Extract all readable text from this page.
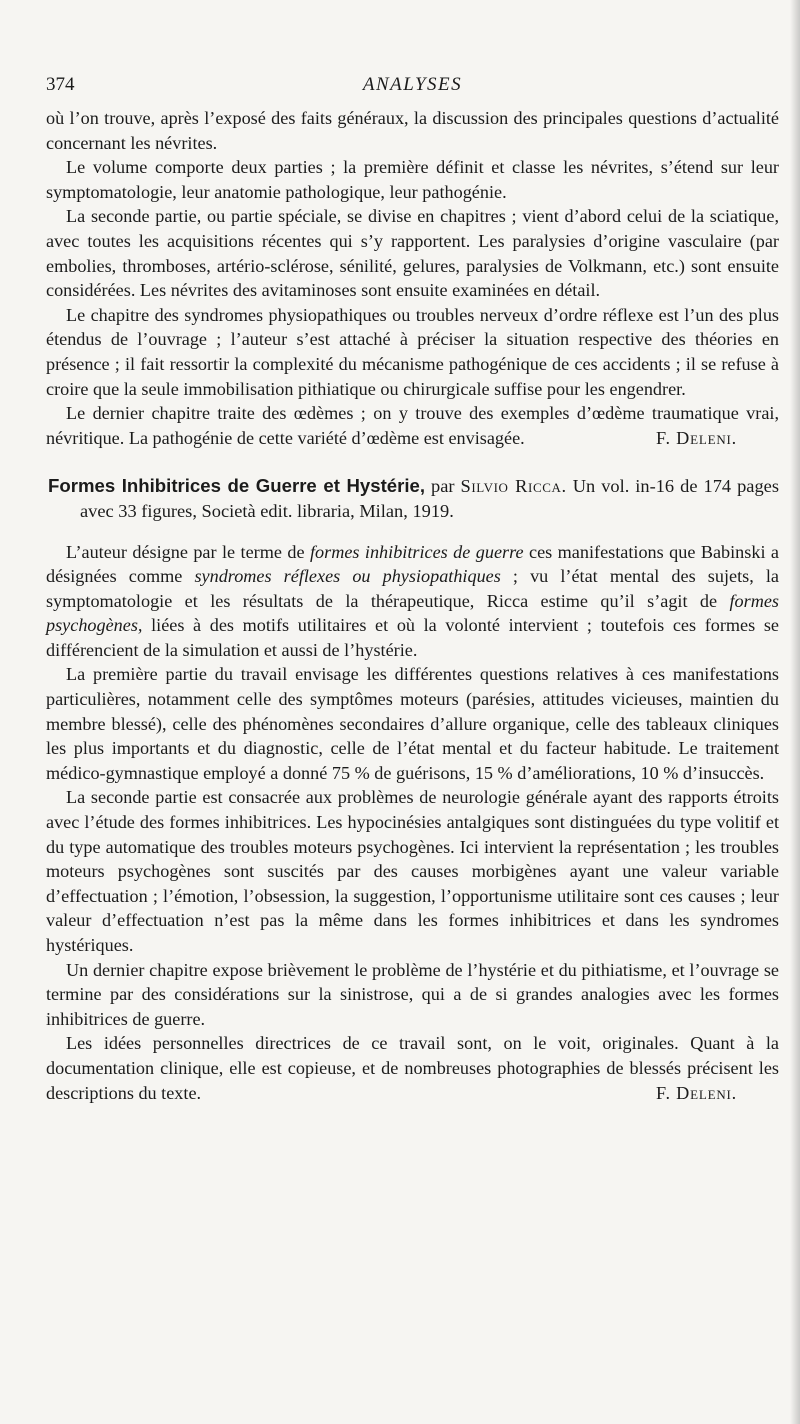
374	ANALYSES

où l’on trouve, après l’exposé des faits généraux, la discussion des principales questions d’actualité concernant les névrites.

Le volume comporte deux parties ; la première définit et classe les névrites, s’étend sur leur symptomatologie, leur anatomie pathologique, leur pathogénie.

La seconde partie, ou partie spéciale, se divise en chapitres ; vient d’abord celui de la sciatique, avec toutes les acquisitions récentes qui s’y rapportent. Les paralysies d’origine vasculaire (par embolies, thromboses, artério-sclérose, sénilité, gelures, paralysies de Volkmann, etc.) sont ensuite considérées. Les névrites des avitaminoses sont ensuite examinées en détail.

Le chapitre des syndromes physiopathiques ou troubles nerveux d’ordre réflexe est l’un des plus étendus de l’ouvrage ; l’auteur s’est attaché à préciser la situation respective des théories en présence ; il fait ressortir la complexité du mécanisme pathogénique de ces accidents ; il se refuse à croire que la seule immobilisation pithiatique ou chirurgicale suffise pour les engendrer.

Le dernier chapitre traite des œdèmes ; on y trouve des exemples d’œdème traumatique vrai, névritique. La pathogénie de cette variété d’œdème est envisagée.	F. Deleni.

Formes Inhibitrices de Guerre et Hystérie, par Silvio Ricca. Un vol. in-16 de 174 pages avec 33 figures, Società edit. libraria, Milan, 1919.

L’auteur désigne par le terme de formes inhibitrices de guerre ces manifestations que Babinski a désignées comme syndromes réflexes ou physiopathiques ; vu l’état mental des sujets, la symptomatologie et les résultats de la thérapeutique, Ricca estime qu’il s’agit de formes psychogènes, liées à des motifs utilitaires et où la volonté intervient ; toutefois ces formes se différencient de la simulation et aussi de l’hystérie.

La première partie du travail envisage les différentes questions relatives à ces manifestations particulières, notamment celle des symptômes moteurs (parésies, attitudes vicieuses, maintien du membre blessé), celle des phénomènes secondaires d’allure organique, celle des tableaux cliniques les plus importants et du diagnostic, celle de l’état mental et du facteur habitude. Le traitement médico-gymnastique employé a donné 75 % de guérisons, 15 % d’améliorations, 10 % d’insuccès.

La seconde partie est consacrée aux problèmes de neurologie générale ayant des rapports étroits avec l’étude des formes inhibitrices. Les hypocinésies antalgiques sont distinguées du type volitif et du type automatique des troubles moteurs psychogènes. Ici intervient la représentation ; les troubles moteurs psychogènes sont suscités par des causes morbigènes ayant une valeur variable d’effectuation ; l’émotion, l’obsession, la suggestion, l’opportunisme utilitaire sont ces causes ; leur valeur d’effectuation n’est pas la même dans les formes inhibitrices et dans les syndromes hystériques.

Un dernier chapitre expose brièvement le problème de l’hystérie et du pithiatisme, et l’ouvrage se termine par des considérations sur la sinistrose, qui a de si grandes analogies avec les formes inhibitrices de guerre.

Les idées personnelles directrices de ce travail sont, on le voit, originales. Quant à la documentation clinique, elle est copieuse, et de nombreuses photographies de blessés précisent les descriptions du texte.	F. Deleni.
